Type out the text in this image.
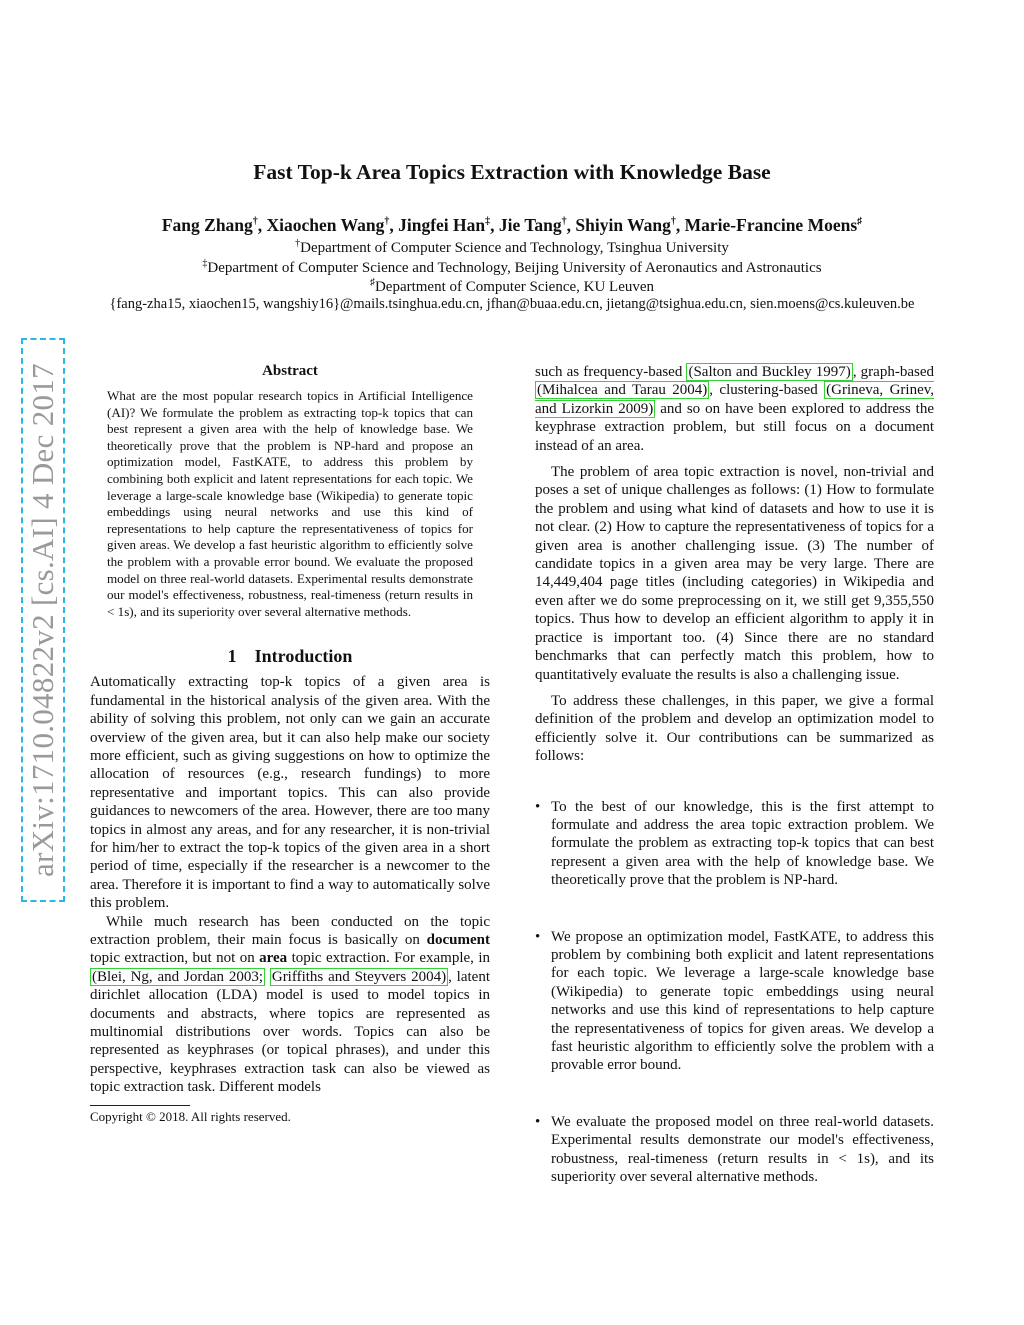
arXiv:1710.04822v2 [cs.AI] 4 Dec 2017
Fast Top-k Area Topics Extraction with Knowledge Base
Fang Zhang†, Xiaochen Wang†, Jingfei Han‡, Jie Tang†, Shiyin Wang†, Marie-Francine Moens♯
†Department of Computer Science and Technology, Tsinghua University
‡Department of Computer Science and Technology, Beijing University of Aeronautics and Astronautics
♯Department of Computer Science, KU Leuven
{fang-zha15, xiaochen15, wangshiy16}@mails.tsinghua.edu.cn, jfhan@buaa.edu.cn, jietang@tsighua.edu.cn, sien.moens@cs.kuleuven.be
Abstract

What are the most popular research topics in Artificial Intelligence (AI)? We formulate the problem as extracting top-k topics that can best represent a given area with the help of knowledge base. We theoretically prove that the problem is NP-hard and propose an optimization model, FastKATE, to address this problem by combining both explicit and latent representations for each topic. We leverage a large-scale knowledge base (Wikipedia) to generate topic embeddings using neural networks and use this kind of representations to help capture the representativeness of topics for given areas. We develop a fast heuristic algorithm to efficiently solve the problem with a provable error bound. We evaluate the proposed model on three real-world datasets. Experimental results demonstrate our model's effectiveness, robustness, real-timeness (return results in < 1s), and its superiority over several alternative methods.

1    Introduction

Automatically extracting top-k topics of a given area is fundamental in the historical analysis of the given area. With the ability of solving this problem, not only can we gain an accurate overview of the given area, but it can also help make our society more efficient, such as giving suggestions on how to optimize the allocation of resources (e.g., research fundings) to more representative and important topics. This can also provide guidances to newcomers of the area. However, there are too many topics in almost any areas, and for any researcher, it is non-trivial for him/her to extract the top-k topics of the given area in a short period of time, especially if the researcher is a newcomer to the area. Therefore it is important to find a way to automatically solve this problem.

While much research has been conducted on the topic extraction problem, their main focus is basically on document topic extraction, but not on area topic extraction. For example, in (Blei, Ng, and Jordan 2003; Griffiths and Steyvers 2004) , latent dirichlet allocation (LDA) model is used to model topics in documents and abstracts, where topics are represented as multinomial distributions over words. Topics can also be represented as keyphrases (or topical phrases), and under this perspective, keyphrases extraction task can also be viewed as topic extraction task. Different models

Copyright © 2018. All rights reserved.

such as frequency-based (Salton and Buckley 1997) , graph-based (Mihalcea and Tarau 2004) , clustering-based (Grineva, Grinev, and Lizorkin 2009) and so on have been explored to address the keyphrase extraction problem, but still focus on a document instead of an area.

The problem of area topic extraction is novel, non-trivial and poses a set of unique challenges as follows: (1) How to formulate the problem and using what kind of datasets and how to use it is not clear. (2) How to capture the representativeness of topics for a given area is another challenging issue. (3) The number of candidate topics in a given area may be very large. There are 14,449,404 page titles (including categories) in Wikipedia and even after we do some preprocessing on it, we still get 9,355,550 topics. Thus how to develop an efficient algorithm to apply it in practice is important too. (4) Since there are no standard benchmarks that can perfectly match this problem, how to quantitatively evaluate the results is also a challenging issue.

To address these challenges, in this paper, we give a formal definition of the problem and develop an optimization model to efficiently solve it. Our contributions can be summarized as follows:

• To the best of our knowledge, this is the first attempt to formulate and address the area topic extraction problem. We formulate the problem as extracting top-k topics that can best represent a given area with the help of knowledge base. We theoretically prove that the problem is NP-hard.
• We propose an optimization model, FastKATE, to address this problem by combining both explicit and latent representations for each topic. We leverage a large-scale knowledge base (Wikipedia) to generate topic embeddings using neural networks and use this kind of representations to help capture the representativeness of topics for given areas. We develop a fast heuristic algorithm to efficiently solve the problem with a provable error bound.
• We evaluate the proposed model on three real-world datasets. Experimental results demonstrate our model's effectiveness, robustness, real-timeness (return results in < 1s), and its superiority over several alternative methods.
